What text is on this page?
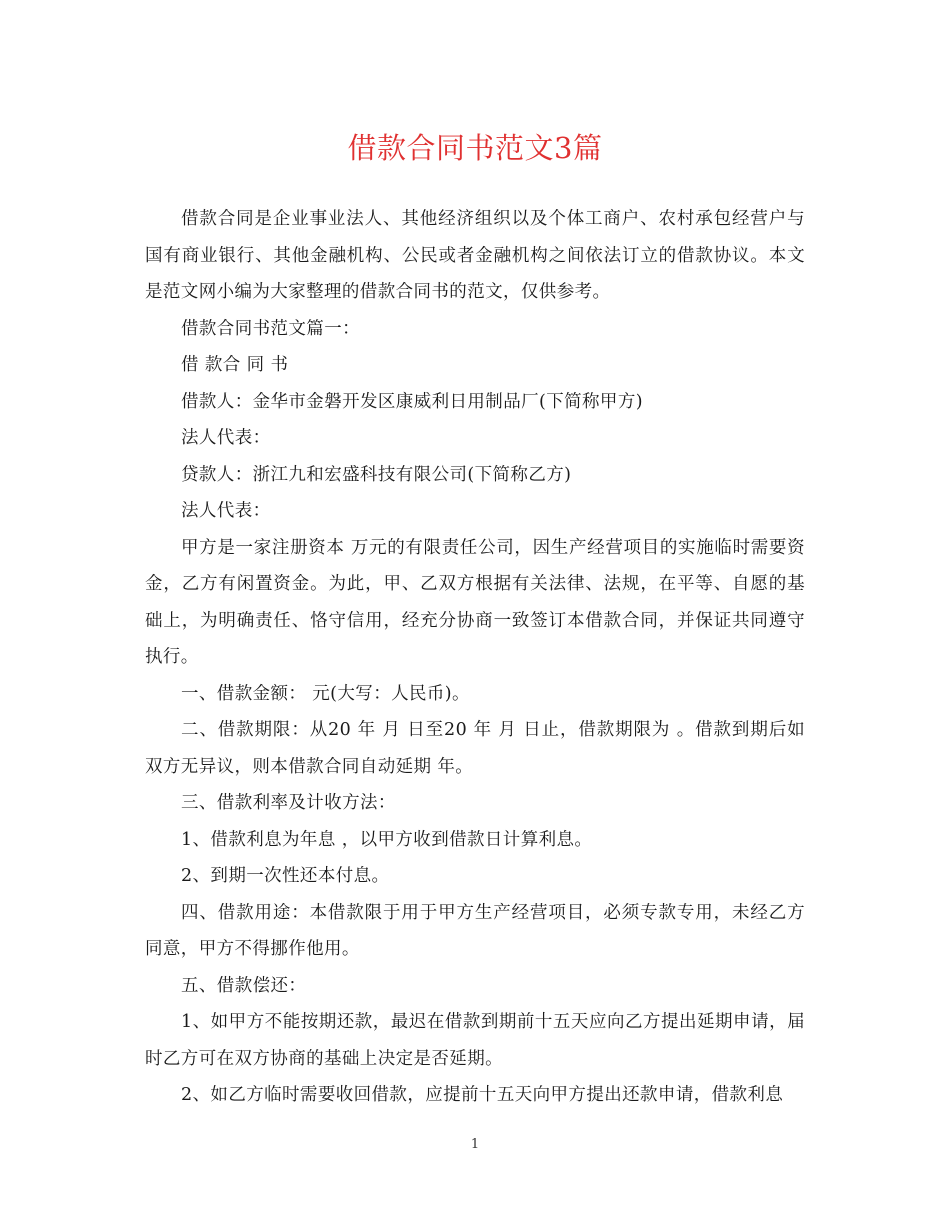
借款合同书范文3篇

借款合同是企业事业法人、其他经济组织以及个体工商户、农村承包经营户与国有商业银行、其他金融机构、公民或者金融机构之间依法订立的借款协议。本文是范文网小编为大家整理的借款合同书的范文，仅供参考。

借款合同书范文篇一：

借 款合 同 书

借款人：金华市金磐开发区康威利日用制品厂(下简称甲方)

法人代表：

贷款人：浙江九和宏盛科技有限公司(下简称乙方)

法人代表：

甲方是一家注册资本 万元的有限责任公司，因生产经营项目的实施临时需要资金，乙方有闲置资金。为此，甲、乙双方根据有关法律、法规，在平等、自愿的基础上，为明确责任、恪守信用，经充分协商一致签订本借款合同，并保证共同遵守执行。

一、借款金额： 元(大写：人民币)。

二、借款期限：从20 年 月 日至20 年 月 日止，借款期限为 。借款到期后如双方无异议，则本借款合同自动延期 年。

三、借款利率及计收方法：

1、借款利息为年息 ，以甲方收到借款日计算利息。

2、到期一次性还本付息。

四、借款用途：本借款限于用于甲方生产经营项目，必须专款专用，未经乙方同意，甲方不得挪作他用。

五、借款偿还：

1、如甲方不能按期还款，最迟在借款到期前十五天应向乙方提出延期申请，届时乙方可在双方协商的基础上决定是否延期。

2、如乙方临时需要收回借款，应提前十五天向甲方提出还款申请，借款利息

1
